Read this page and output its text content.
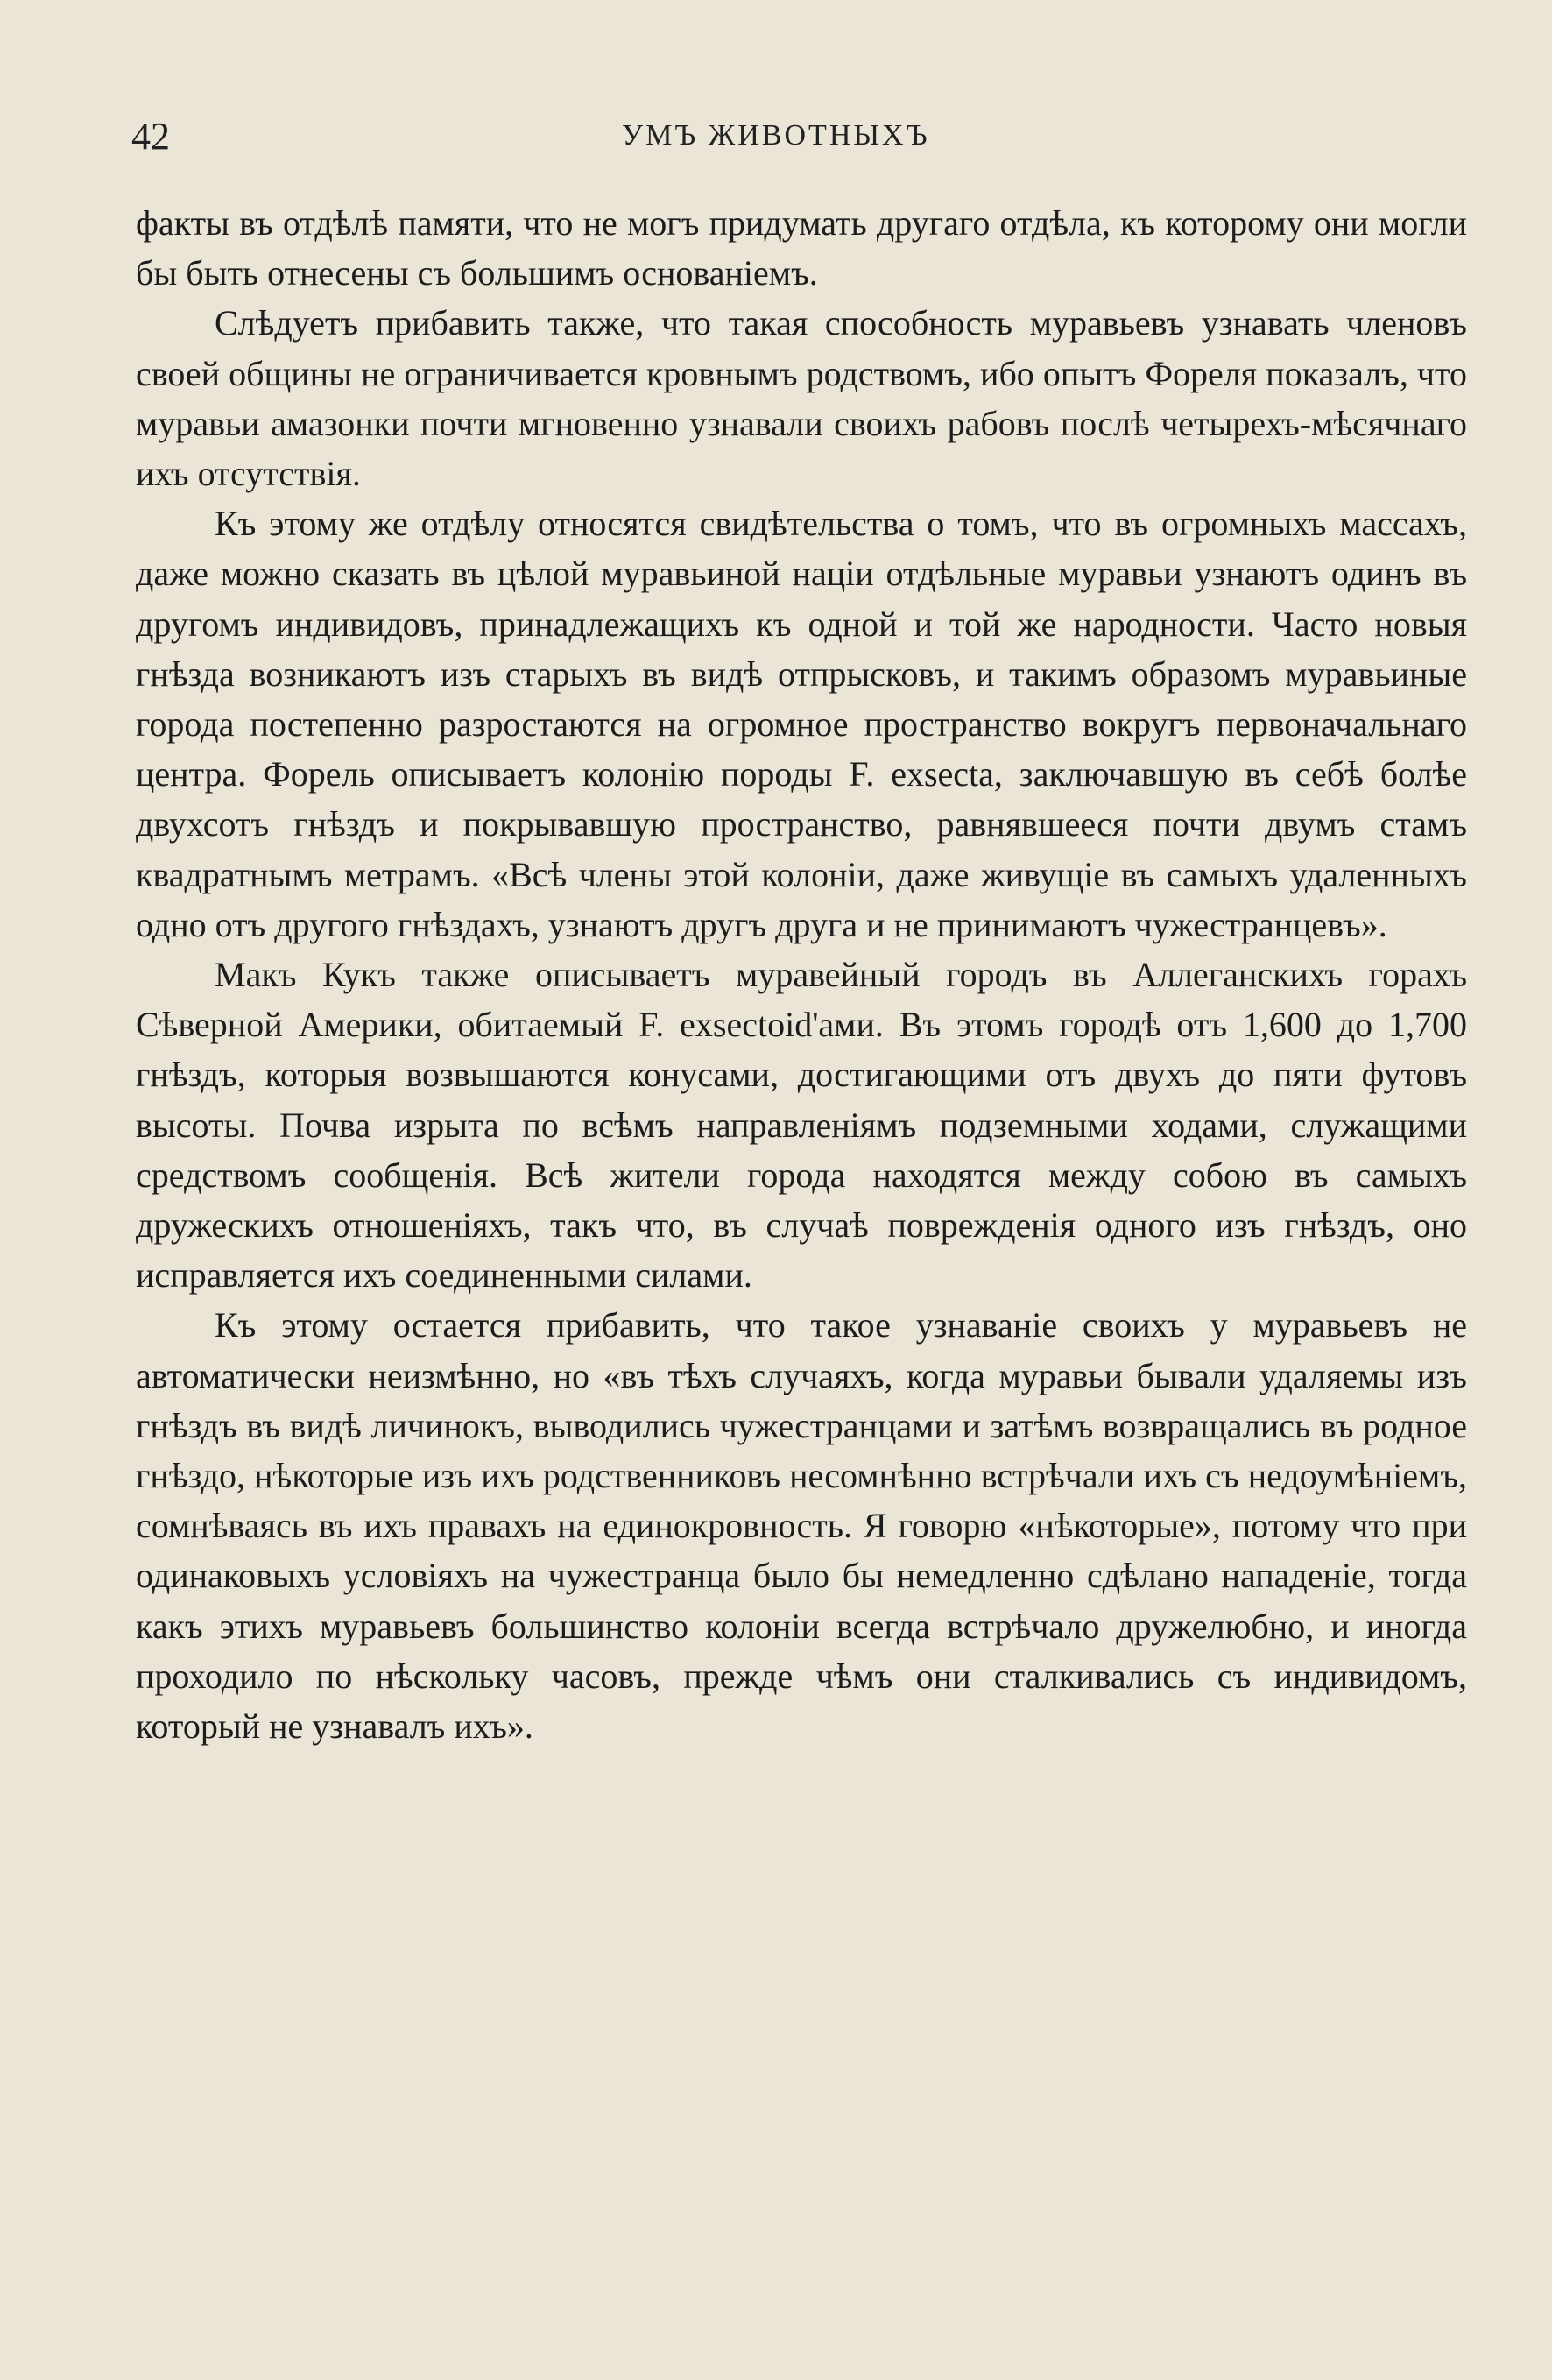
42	УМЪ ЖИВОТНЫХЪ

факты въ отдѣлѣ памяти, что не могъ придумать другаго отдѣла, къ которому они могли бы быть отнесены съ большимъ основаніемъ.

Слѣдуетъ прибавить также, что такая способность муравьевъ узнавать членовъ своей общины не ограничивается кровнымъ родствомъ, ибо опытъ Фореля показалъ, что муравьи амазонки почти мгновенно узнавали своихъ рабовъ послѣ четырехъ-мѣсячнаго ихъ отсутствія.

Къ этому же отдѣлу относятся свидѣтельства о томъ, что въ огромныхъ массахъ, даже можно сказать въ цѣлой муравьиной націи отдѣльные муравьи узнаютъ одинъ въ другомъ индивидовъ, принадлежащихъ къ одной и той же народности. Часто новыя гнѣзда возникаютъ изъ старыхъ въ видѣ отпрысковъ, и такимъ образомъ муравьиные города постепенно разростаются на огромное пространство вокругъ первоначальнаго центра. Форель описываетъ колонію породы F. exsecta, заключавшую въ себѣ болѣе двухсотъ гнѣздъ и покрывавшую пространство, равнявшееся почти двумъ стамъ квадратнымъ метрамъ. «Всѣ члены этой колоніи, даже живущіе въ самыхъ удаленныхъ одно отъ другого гнѣздахъ, узнаютъ другъ друга и не принимаютъ чужестранцевъ».

Макъ Кукъ также описываетъ муравейный городъ въ Аллеганскихъ горахъ Сѣверной Америки, обитаемый F. exsectoid'ами. Въ этомъ городѣ отъ 1,600 до 1,700 гнѣздъ, которыя возвышаются конусами, достигающими отъ двухъ до пяти футовъ высоты. Почва изрыта по всѣмъ направленіямъ подземными ходами, служащими средствомъ сообщенія. Всѣ жители города находятся между собою въ самыхъ дружескихъ отношеніяхъ, такъ что, въ случаѣ поврежденія одного изъ гнѣздъ, оно исправляется ихъ соединенными силами.

Къ этому остается прибавить, что такое узнаваніе своихъ у муравьевъ не автоматически неизмѣнно, но «въ тѣхъ случаяхъ, когда муравьи бывали удаляемы изъ гнѣздъ въ видѣ личинокъ, выводились чужестранцами и затѣмъ возвращались въ родное гнѣздо, нѣкоторые изъ ихъ родственниковъ несомнѣнно встрѣчали ихъ съ недоумѣніемъ, сомнѣваясь въ ихъ правахъ на единокровность. Я говорю «нѣкоторые», потому что при одинаковыхъ условіяхъ на чужестранца было бы немедленно сдѣлано нападеніе, тогда какъ этихъ муравьевъ большинство колоніи всегда встрѣчало дружелюбно, и иногда проходило по нѣскольку часовъ, прежде чѣмъ они сталкивались съ индивидомъ, который не узнавалъ ихъ».
